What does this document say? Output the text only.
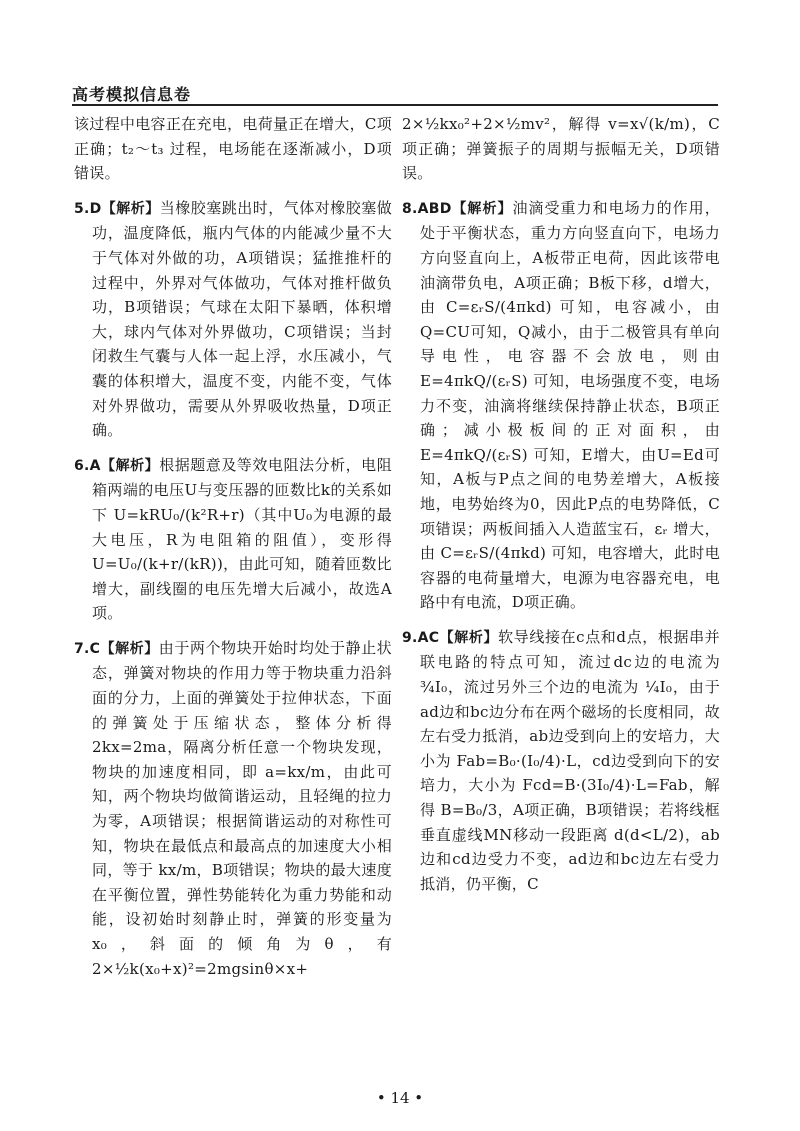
高考模拟信息卷

该过程中电容正在充电，电荷量正在增大，C项正确；t₂～t₃ 过程，电场能在逐渐减小，D项错误。

5.D【解析】当橡胶塞跳出时，气体对橡胶塞做功，温度降低，瓶内气体的内能减少量不大于气体对外做的功，A项错误；猛推推杆的过程中，外界对气体做功，气体对推杆做负功，B项错误；气球在太阳下暴晒，体积增大，球内气体对外界做功，C项错误；当封闭救生气囊与人体一起上浮，水压减小，气囊的体积增大，温度不变，内能不变，气体对外界做功，需要从外界吸收热量，D项正确。

6.A【解析】根据题意及等效电阻法分析，电阻箱两端的电压U与变压器的匝数比k的关系如下 U=kRU₀/(k²R+r)（其中U₀为电源的最大电压，R为电阻箱的阻值），变形得 U=U₀/(k+r/(kR))，由此可知，随着匝数比增大，副线圈的电压先增大后减小，故选A项。

7.C【解析】由于两个物块开始时均处于静止状态，弹簧对物块的作用力等于物块重力沿斜面的分力，上面的弹簧处于拉伸状态，下面的弹簧处于压缩状态，整体分析得2kx=2ma，隔离分析任意一个物块发现，物块的加速度相同，即 a=kx/m，由此可知，两个物块均做简谐运动，且轻绳的拉力为零，A项错误；根据简谐运动的对称性可知，物块在最低点和最高点的加速度大小相同，等于 kx/m，B项错误；物块的最大速度在平衡位置，弹性势能转化为重力势能和动能，设初始时刻静止时，弹簧的形变量为x₀，斜面的倾角为θ，有 2×½k(x₀+x)²=2mgsinθ×x+

2×½kx₀²+2×½mv²，解得 v=x√(k/m)，C项正确；弹簧振子的周期与振幅无关，D项错误。

8.ABD【解析】油滴受重力和电场力的作用，处于平衡状态，重力方向竖直向下，电场力方向竖直向上，A板带正电荷，因此该带电油滴带负电，A项正确；B板下移，d增大，由 C=εᵣS/(4πkd) 可知，电容减小，由Q=CU可知，Q减小，由于二极管具有单向导电性，电容器不会放电，则由 E=4πkQ/(εᵣS) 可知，电场强度不变，电场力不变，油滴将继续保持静止状态，B项正确；减小极板间的正对面积，由 E=4πkQ/(εᵣS) 可知，E增大，由U=Ed可知，A板与P点之间的电势差增大，A板接地，电势始终为0，因此P点的电势降低，C项错误；两板间插入人造蓝宝石，εᵣ 增大，由 C=εᵣS/(4πkd) 可知，电容增大，此时电容器的电荷量增大，电源为电容器充电，电路中有电流，D项正确。

9.AC【解析】软导线接在c点和d点，根据串并联电路的特点可知，流过dc边的电流为 ¾I₀，流过另外三个边的电流为 ¼I₀，由于ad边和bc边分布在两个磁场的长度相同，故左右受力抵消，ab边受到向上的安培力，大小为 Fab=B₀·(I₀/4)·L，cd边受到向下的安培力，大小为 Fcd=B·(3I₀/4)·L=Fab，解得 B=B₀/3，A项正确，B项错误；若将线框垂直虚线MN移动一段距离 d(d<L/2)，ab边和cd边受力不变，ad边和bc边左右受力抵消，仍平衡，C

• 14 •
